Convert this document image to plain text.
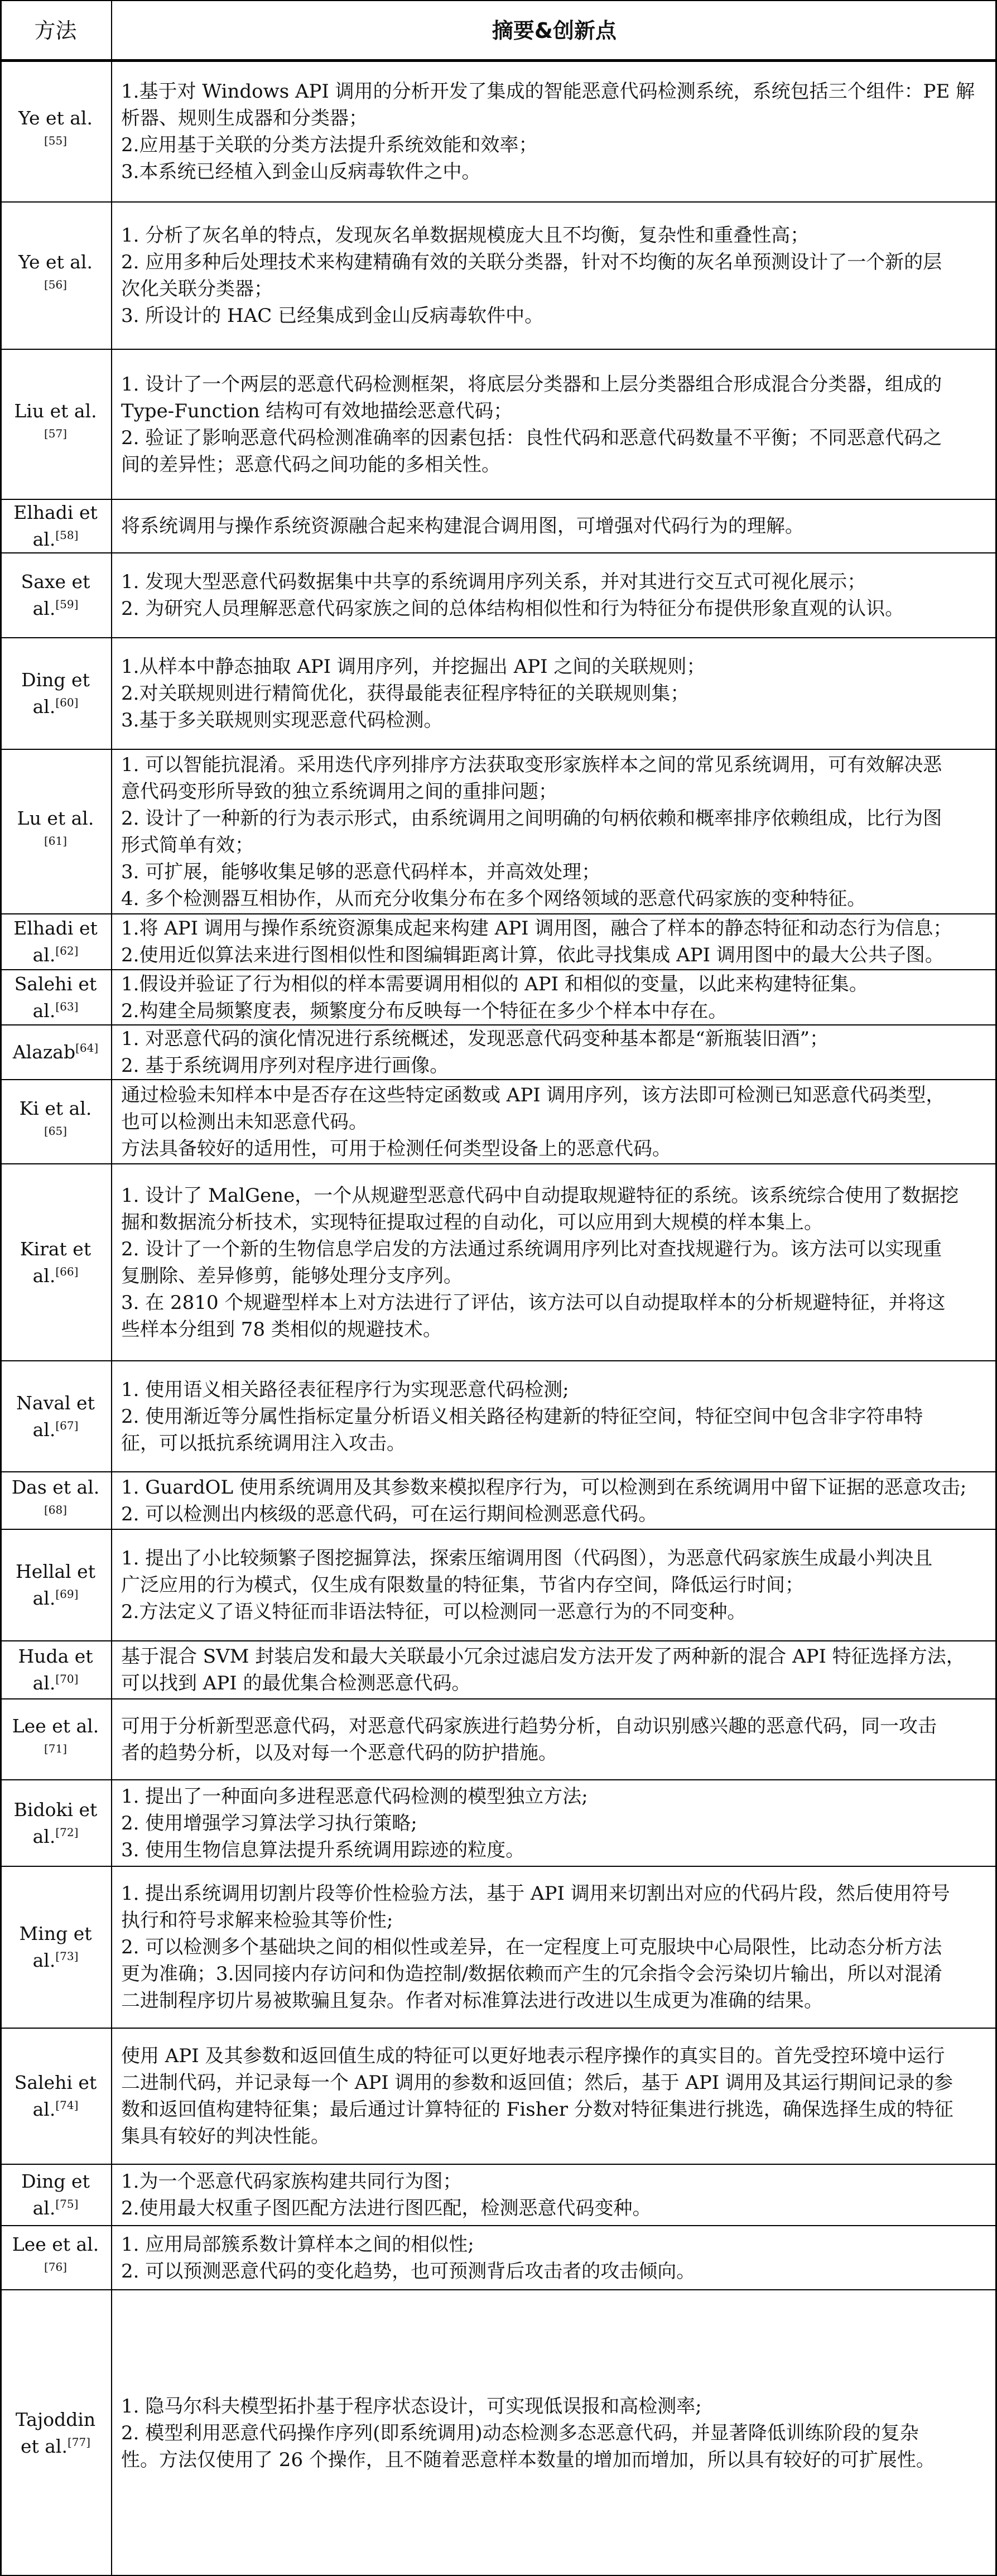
方法	摘要&创新点
Ye et al.[55]
1.基于对 Windows API 调用的分析开发了集成的智能恶意代码检测系统，系统包括三个组件：PE 解
析器、规则生成器和分类器；
2.应用基于关联的分类方法提升系统效能和效率；
3.本系统已经植入到金山反病毒软件之中。
Ye et al.[56]
1. 分析了灰名单的特点，发现灰名单数据规模庞大且不均衡，复杂性和重叠性高；
2. 应用多种后处理技术来构建精确有效的关联分类器，针对不均衡的灰名单预测设计了一个新的层
次化关联分类器；
3. 所设计的 HAC 已经集成到金山反病毒软件中。
Liu et al.[57]
1. 设计了一个两层的恶意代码检测框架，将底层分类器和上层分类器组合形成混合分类器，组成的
Type-Function 结构可有效地描绘恶意代码；
2. 验证了影响恶意代码检测准确率的因素包括：良性代码和恶意代码数量不平衡；不同恶意代码之
间的差异性；恶意代码之间功能的多相关性。
Elhadi et al.[58]	将系统调用与操作系统资源融合起来构建混合调用图，可增强对代码行为的理解。
Saxe et al.[59]
1. 发现大型恶意代码数据集中共享的系统调用序列关系，并对其进行交互式可视化展示；
2. 为研究人员理解恶意代码家族之间的总体结构相似性和行为特征分布提供形象直观的认识。
Ding et al.[60]
1.从样本中静态抽取 API 调用序列，并挖掘出 API 之间的关联规则；
2.对关联规则进行精简优化，获得最能表征程序特征的关联规则集；
3.基于多关联规则实现恶意代码检测。
Lu et al.[61]
1. 可以智能抗混淆。采用迭代序列排序方法获取变形家族样本之间的常见系统调用，可有效解决恶
意代码变形所导致的独立系统调用之间的重排问题；
2. 设计了一种新的行为表示形式，由系统调用之间明确的句柄依赖和概率排序依赖组成，比行为图
形式简单有效；
3. 可扩展，能够收集足够的恶意代码样本，并高效处理；
4. 多个检测器互相协作，从而充分收集分布在多个网络领域的恶意代码家族的变种特征。
Elhadi et al.[62]
1.将 API 调用与操作系统资源集成起来构建 API 调用图，融合了样本的静态特征和动态行为信息；
2.使用近似算法来进行图相似性和图编辑距离计算，依此寻找集成 API 调用图中的最大公共子图。
Salehi et al.[63]
1.假设并验证了行为相似的样本需要调用相似的 API 和相似的变量，以此来构建特征集。
2.构建全局频繁度表，频繁度分布反映每一个特征在多少个样本中存在。
Alazab[64] 1. 对恶意代码的演化情况进行系统概述，发现恶意代码变种基本都是“新瓶装旧酒”；
2. 基于系统调用序列对程序进行画像。
Ki et al.[65]
通过检验未知样本中是否存在这些特定函数或 API 调用序列，该方法即可检测已知恶意代码类型，
也可以检测出未知恶意代码。
方法具备较好的适用性，可用于检测任何类型设备上的恶意代码。
Kirat et al.[66]
1. 设计了 MalGene，一个从规避型恶意代码中自动提取规避特征的系统。该系统综合使用了数据挖
掘和数据流分析技术，实现特征提取过程的自动化，可以应用到大规模的样本集上。
2. 设计了一个新的生物信息学启发的方法通过系统调用序列比对查找规避行为。该方法可以实现重
复删除、差异修剪，能够处理分支序列。
3. 在 2810 个规避型样本上对方法进行了评估，该方法可以自动提取样本的分析规避特征，并将这
些样本分组到 78 类相似的规避技术。
Naval et al.[67]
1. 使用语义相关路径表征程序行为实现恶意代码检测;
2. 使用渐近等分属性指标定量分析语义相关路径构建新的特征空间，特征空间中包含非字符串特
征，可以抵抗系统调用注入攻击。
Das et al.[68]
1. GuardOL 使用系统调用及其参数来模拟程序行为，可以检测到在系统调用中留下证据的恶意攻击;
2. 可以检测出内核级的恶意代码，可在运行期间检测恶意代码。
Hellal et al.[69]
1. 提出了小比较频繁子图挖掘算法，探索压缩调用图（代码图），为恶意代码家族生成最小判决且
广泛应用的行为模式，仅生成有限数量的特征集，节省内存空间，降低运行时间；
2.方法定义了语义特征而非语法特征，可以检测同一恶意行为的不同变种。
Huda et al.[70]
基于混合 SVM 封装启发和最大关联最小冗余过滤启发方法开发了两种新的混合 API 特征选择方法，
可以找到 API 的最优集合检测恶意代码。
Lee et al.[71]
可用于分析新型恶意代码，对恶意代码家族进行趋势分析，自动识别感兴趣的恶意代码，同一攻击
者的趋势分析，以及对每一个恶意代码的防护措施。
Bidoki et al.[72]
1. 提出了一种面向多进程恶意代码检测的模型独立方法;
2. 使用增强学习算法学习执行策略;
3. 使用生物信息算法提升系统调用踪迹的粒度。
Ming et al.[73]
1. 提出系统调用切割片段等价性检验方法，基于 API 调用来切割出对应的代码片段，然后使用符号
执行和符号求解来检验其等价性;
2. 可以检测多个基础块之间的相似性或差异，在一定程度上可克服块中心局限性，比动态分析方法
更为准确；3.因同接内存访问和伪造控制/数据依赖而产生的冗余指令会污染切片输出，所以对混淆
二进制程序切片易被欺骗且复杂。作者对标准算法进行改进以生成更为准确的结果。
Salehi et al.[74]
使用 API 及其参数和返回值生成的特征可以更好地表示程序操作的真实目的。首先受控环境中运行
二进制代码，并记录每一个 API 调用的参数和返回值；然后，基于 API 调用及其运行期间记录的参
数和返回值构建特征集；最后通过计算特征的 Fisher 分数对特征集进行挑选，确保选择生成的特征
集具有较好的判决性能。
Ding et al.[75]
1.为一个恶意代码家族构建共同行为图；
2.使用最大权重子图匹配方法进行图匹配，检测恶意代码变种。
Lee et al.[76]
1. 应用局部簇系数计算样本之间的相似性;
2. 可以预测恶意代码的变化趋势，也可预测背后攻击者的攻击倾向。
Tajoddin et al.[77]
1. 隐马尔科夫模型拓扑基于程序状态设计，可实现低误报和高检测率;
2. 模型利用恶意代码操作序列(即系统调用)动态检测多态恶意代码，并显著降低训练阶段的复杂
性。方法仅使用了 26 个操作，且不随着恶意样本数量的增加而增加，所以具有较好的可扩展性。
